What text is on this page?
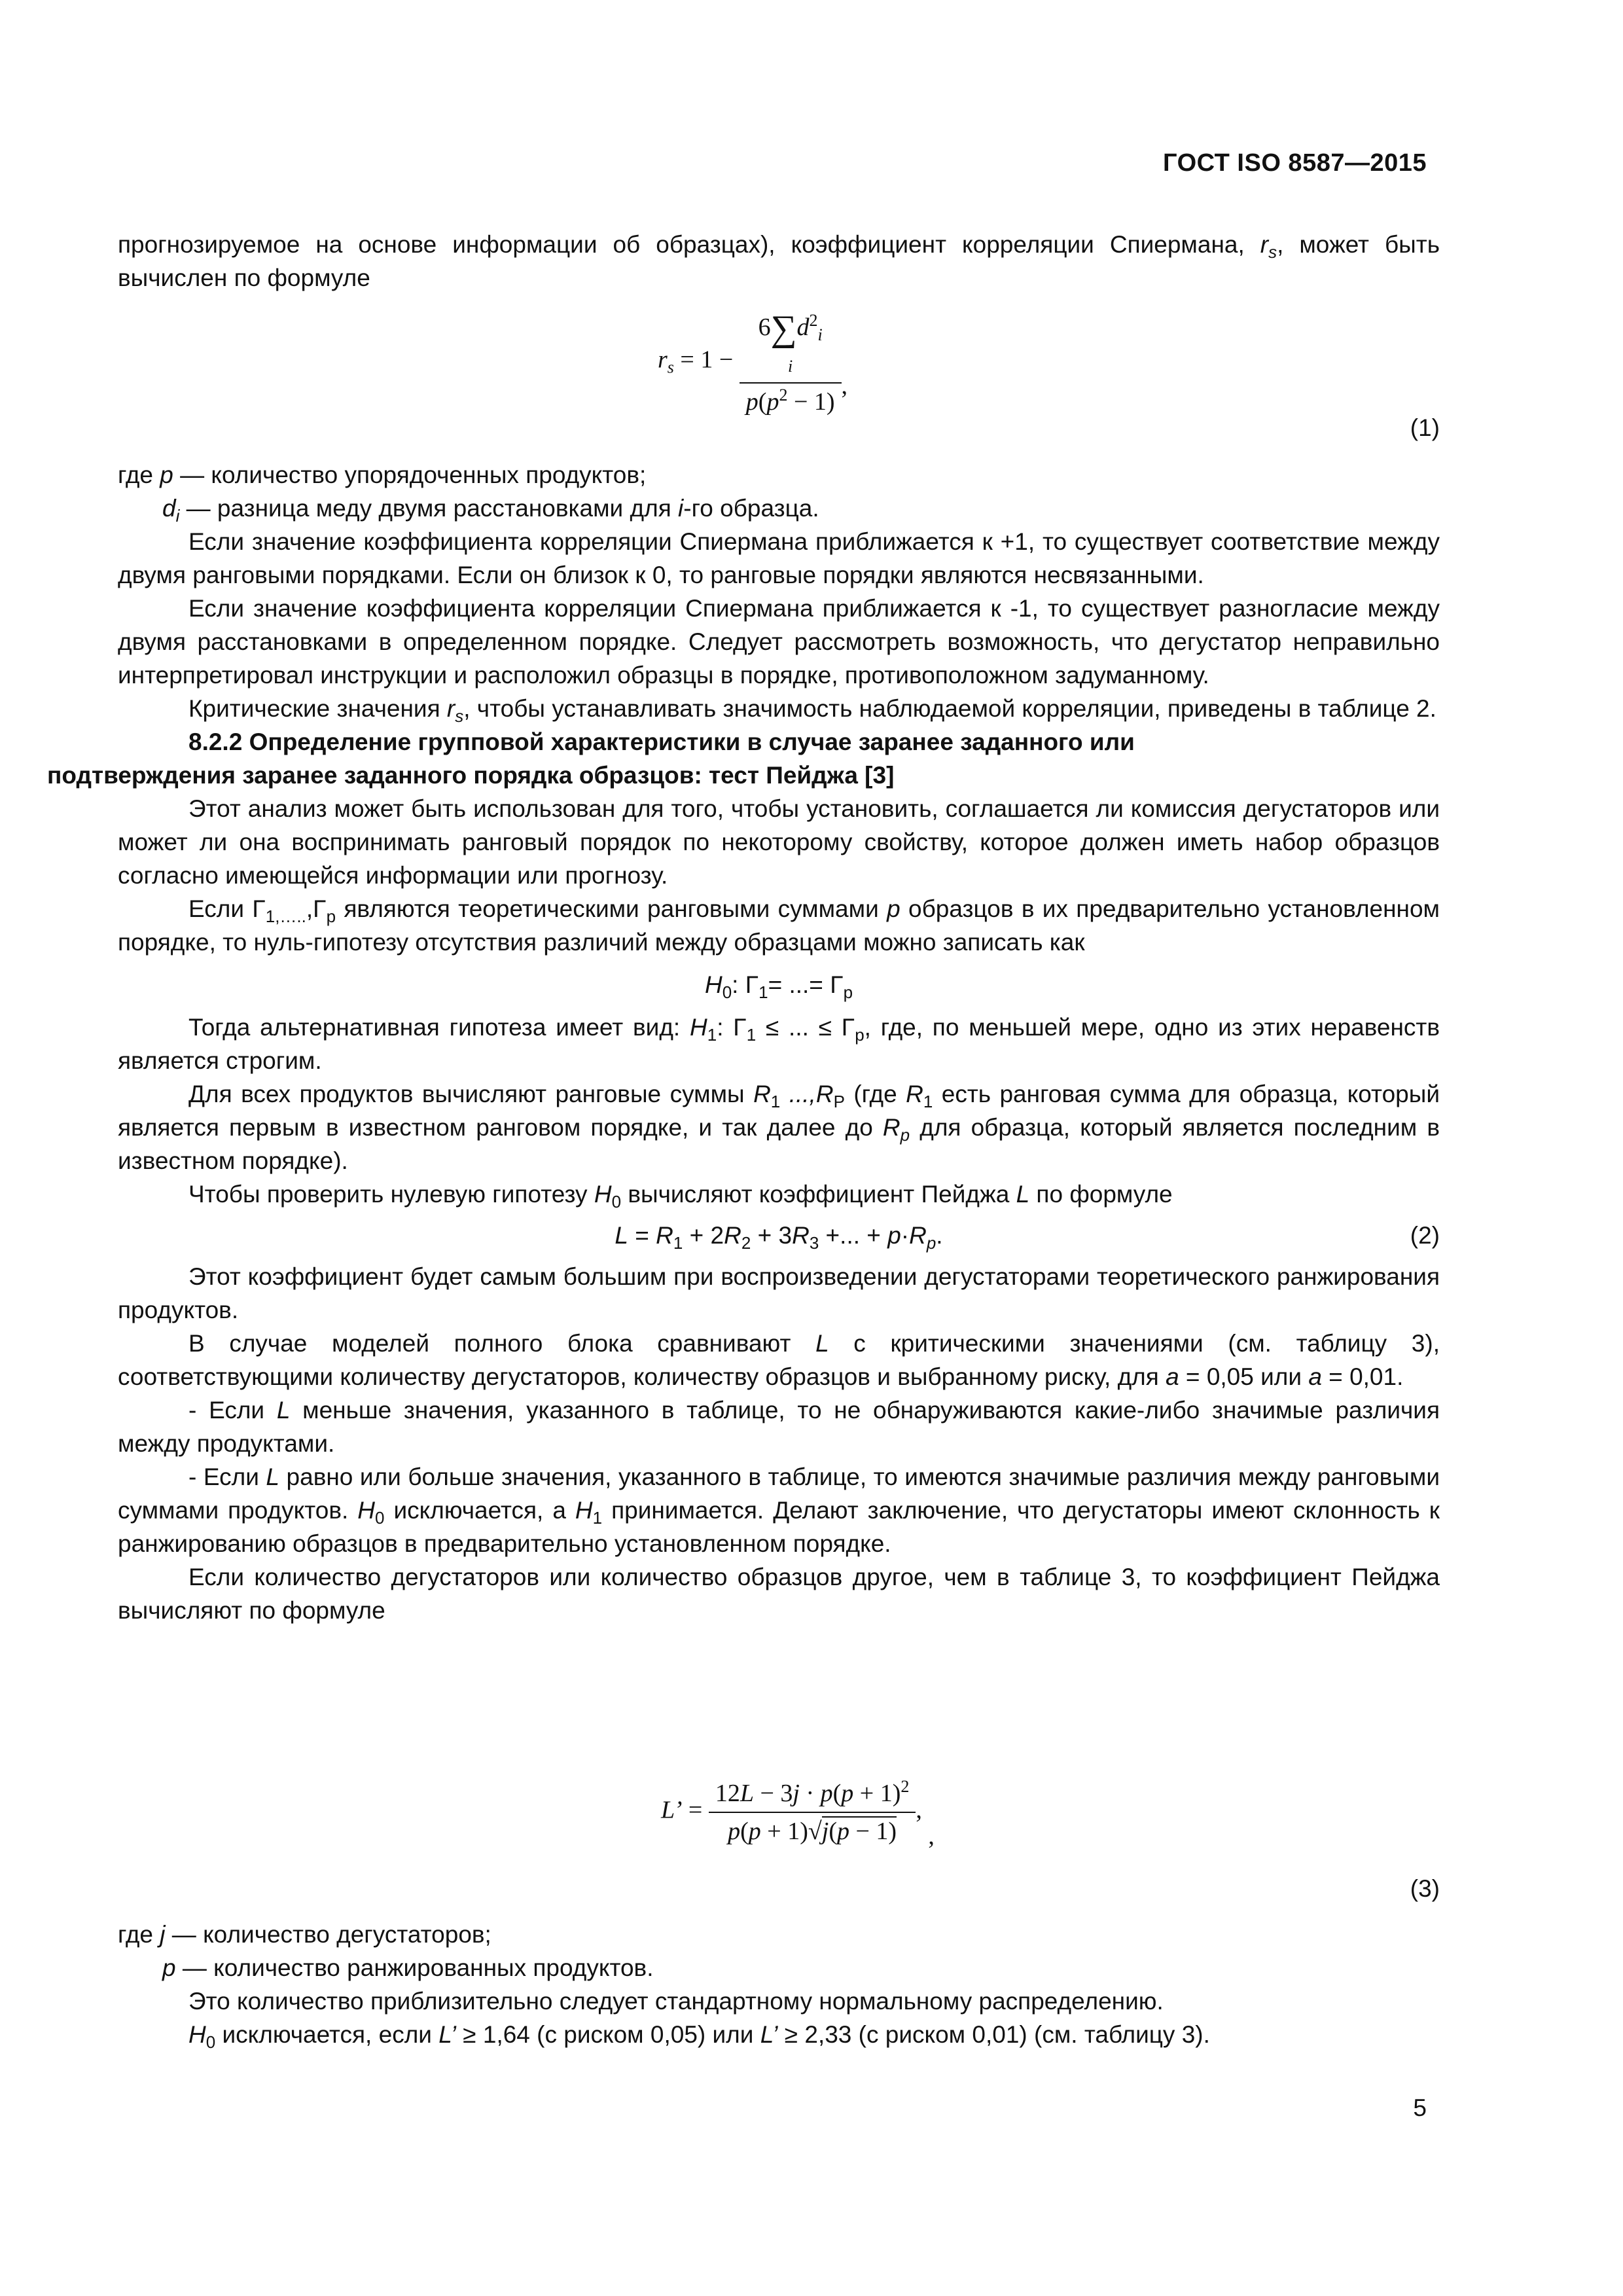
ГОСТ ISO 8587—2015

прогнозируемое на основе информации об образцах), коэффициент корреляции Спиермана, $r_s$, может быть вычислен по формуле

$r_s = 1$ −
$6\sum d^2_i$
i
$p(p^2 - 1)$
,
(1)

где p — количество упорядоченных продуктов;

$d_i$ — разница меду двумя расстановками для i-го образца.

Если значение коэффициента корреляции Спиермана приближается к +1, то существует соответствие между двумя ранговыми порядками. Если он близок к 0, то ранговые порядки являются несвязанными.

Если значение коэффициента корреляции Спиермана приближается к -1, то существует разногласие между двумя расстановками в определенном порядке. Следует рассмотреть возможность, что дегустатор неправильно интерпретировал инструкции и расположил образцы в порядке, противоположном задуманному.

Критические значения $r_s$, чтобы устанавливать значимость наблюдаемой корреляции, приведены в таблице 2.

8.2.2 Определение групповой характеристики в случае заранее заданного или
подтверждения заранее заданного порядка образцов: тест Пейджа [3]

Этот анализ может быть использован для того, чтобы установить, соглашается ли комиссия дегустаторов или может ли она воспринимать ранговый порядок по некоторому свойству, которое должен иметь набор образцов согласно имеющейся информации или прогнозу.

Если $\Gamma_{1,\dots..},\Gamma_p$ являются теоретическими ранговыми суммами p образцов в их предварительно установленном порядке, то нуль-гипотезу отсутствия различий между образцами можно записать как

$H_0$: $\Gamma_1=$ ...= $\Gamma_p$

Тогда альтернативная гипотеза имеет вид: $H_1$: $\Gamma_1$ ≤ ... ≤ $\Gamma_p$, где, по меньшей мере, одно из этих неравенств является строгим.

Для всех продуктов вычисляют ранговые суммы $R_1$ $...,R_P$ (где $R_1$ есть ранговая сумма для образца, который является первым в известном ранговом порядке, и так далее до $R_p$ для образца, который является последним в известном порядке).

Чтобы проверить нулевую гипотезу $H_0$ вычисляют коэффициент Пейджа L по формуле

$L = R_1 + 2R_2 + 3R_3$ +... + $p\cdot R_p$.	(2)

Этот коэффициент будет самым большим при воспроизведении дегустаторами теоретического ранжирования продуктов.

В случае моделей полного блока сравнивают L с критическими значениями (см. таблицу 3), соответствующими количеству дегустаторов, количеству образцов и выбранному риску, для a = 0,05 или a = 0,01.

- Если L меньше значения, указанного в таблице, то не обнаруживаются какие-либо значимые различия между продуктами.

- Если L равно или больше значения, указанного в таблице, то имеются значимые различия между ранговыми суммами продуктов. $H_0$ исключается, а $H_1$ принимается. Делают заключение, что дегустаторы имеют склонность к ранжированию образцов в предварительно установленном порядке.

Если количество дегустаторов или количество образцов другое, чем в таблице 3, то коэффициент Пейджа вычисляют по формуле

L’ = $\frac{12L - 3j \cdot p(p + 1)^2}{p(p + 1)√j(p - 1)}$ , ,
(3)

где j — количество дегустаторов;

p — количество ранжированных продуктов.

Это количество приблизительно следует стандартному нормальному распределению.

$H_0$ исключается, если L’ ≥ 1,64 (с риском 0,05) или L’ ≥ 2,33 (с риском 0,01) (см. таблицу 3).

5
